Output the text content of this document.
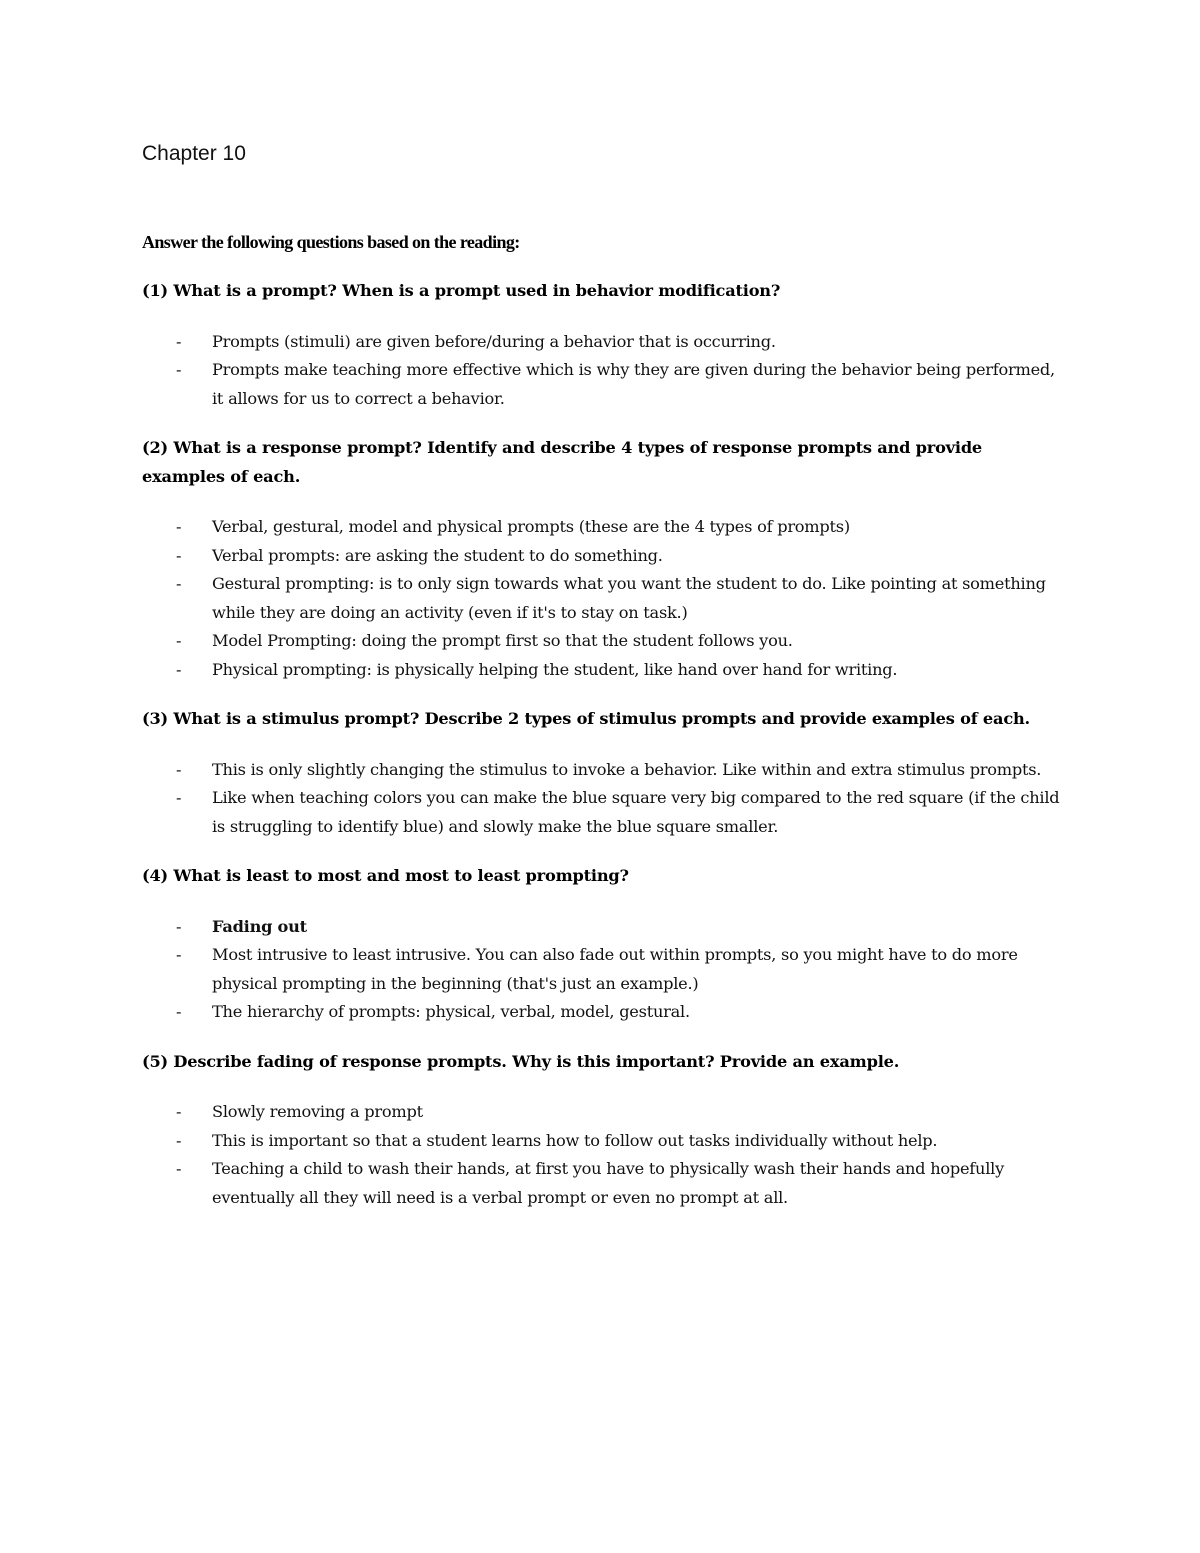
Chapter 10

Answer the following questions based on the reading:

(1) What is a prompt? When is a prompt used in behavior modification?

- Prompts (stimuli) are given before/during a behavior that is occurring.
- Prompts make teaching more effective which is why they are given during the behavior being performed, it allows for us to correct a behavior.

(2) What is a response prompt? Identify and describe 4 types of response prompts and provide examples of each.

- Verbal, gestural, model and physical prompts (these are the 4 types of prompts)
- Verbal prompts: are asking the student to do something.
- Gestural prompting: is to only sign towards what you want the student to do. Like pointing at something while they are doing an activity (even if it's to stay on task.)
- Model Prompting: doing the prompt first so that the student follows you.
- Physical prompting: is physically helping the student, like hand over hand for writing.

(3) What is a stimulus prompt? Describe 2 types of stimulus prompts and provide examples of each.

- This is only slightly changing the stimulus to invoke a behavior. Like within and extra stimulus prompts.
- Like when teaching colors you can make the blue square very big compared to the red square (if the child is struggling to identify blue) and slowly make the blue square smaller.

(4) What is least to most and most to least prompting?

- Fading out
- Most intrusive to least intrusive. You can also fade out within prompts, so you might have to do more physical prompting in the beginning (that's just an example.)
- The hierarchy of prompts: physical, verbal, model, gestural.

(5) Describe fading of response prompts. Why is this important? Provide an example.

- Slowly removing a prompt
- This is important so that a student learns how to follow out tasks individually without help.
- Teaching a child to wash their hands, at first you have to physically wash their hands and hopefully eventually all they will need is a verbal prompt or even no prompt at all.
